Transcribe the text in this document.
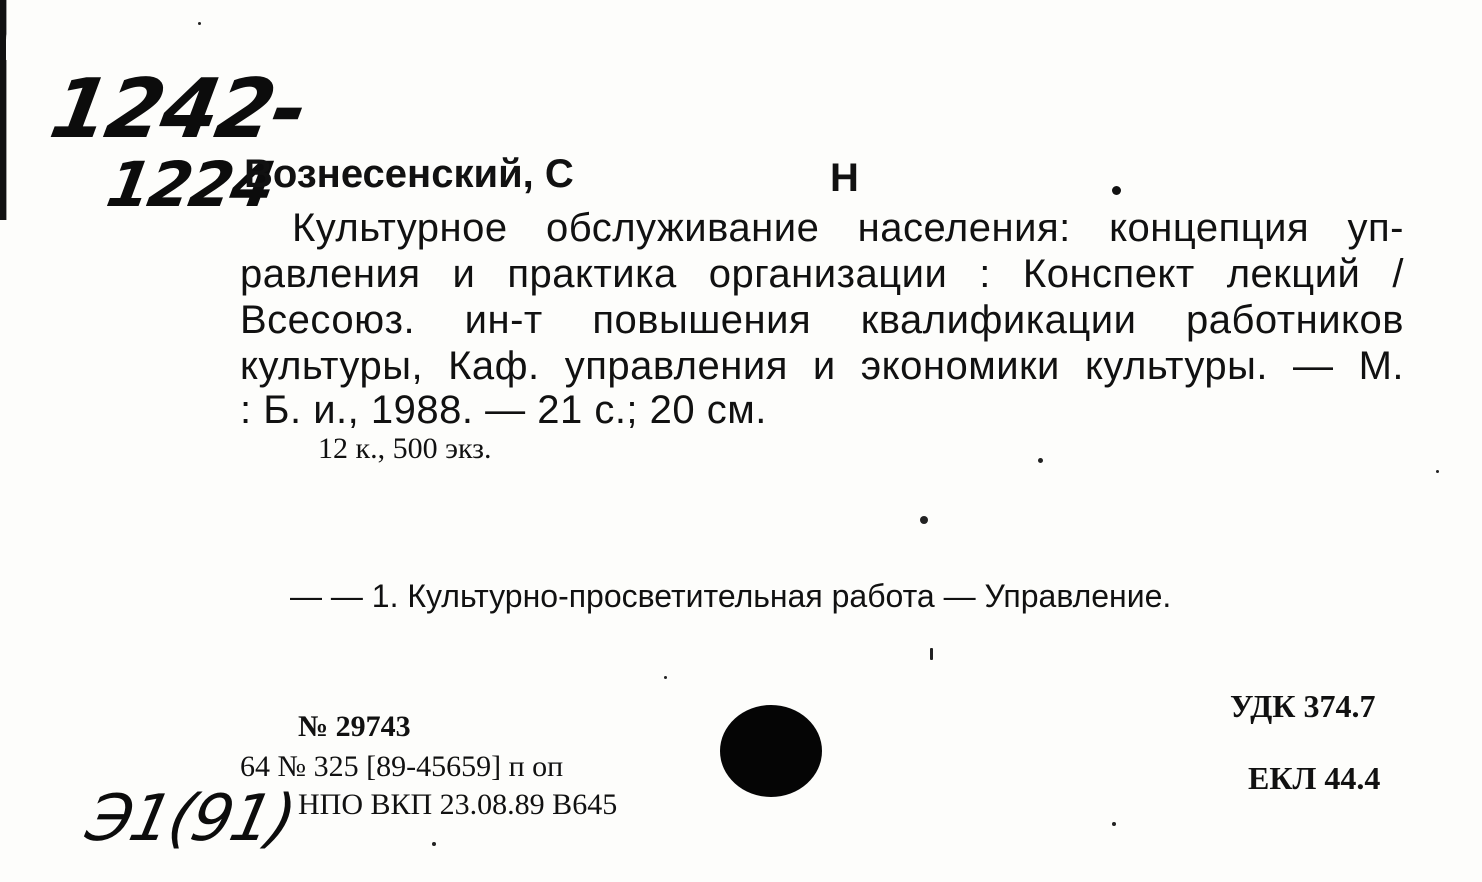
1242-
1224
Вознесенский, С	Н
Культурное обслуживание населения: концепция уп-
равления и практика организации : Конспект лекций /
Всесоюз. ин-т повышения квалификации работников
культуры, Каф. управления и экономики культуры. — М.
: Б. и., 1988. — 21 с.; 20 см.
12 к., 500 экз.
— — 1. Культурно-просветительная работа — Управление.
№ 29743
64 № 325 [89-45659] п оп
НПО ВКП 23.08.89 В645
УДК 374.7
ЕКЛ 44.4
Э1(91)
